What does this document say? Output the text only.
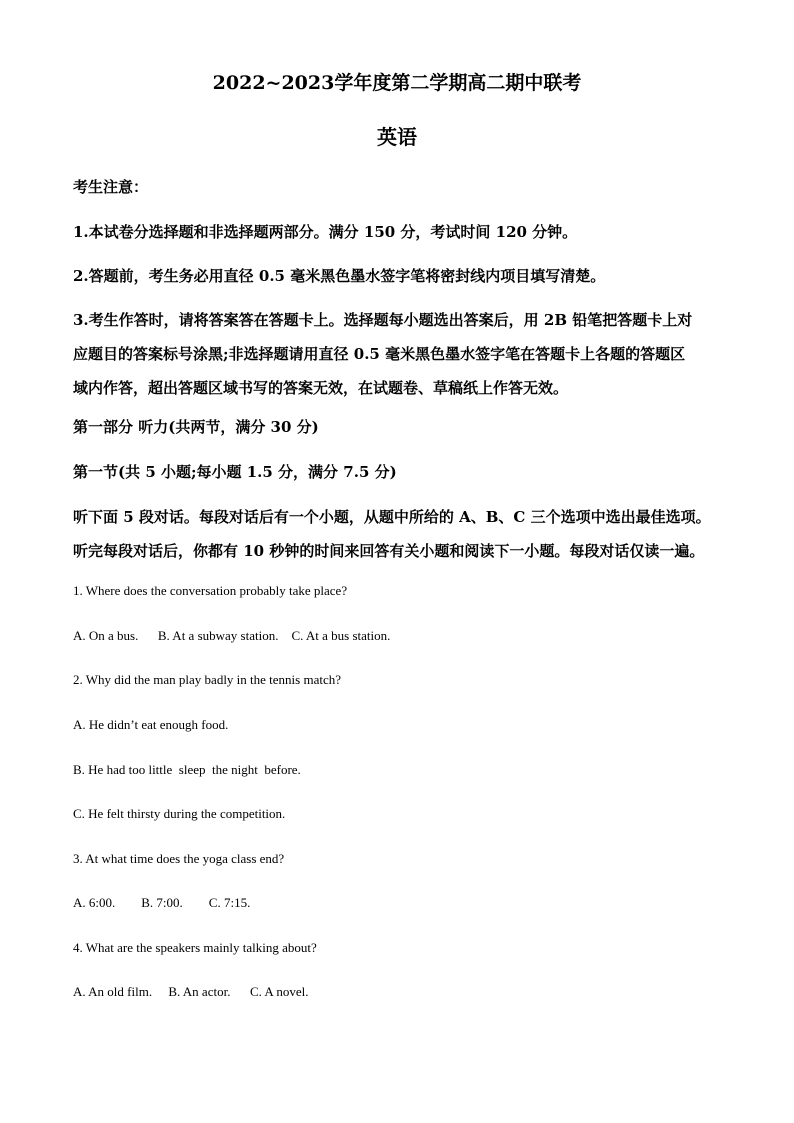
2022~2023学年度第二学期高二期中联考
英语

考生注意：

1.本试卷分选择题和非选择题两部分。满分 150 分，考试时间 120 分钟。

2.答题前，考生务必用直径 0.5 毫米黑色墨水签字笔将密封线内项目填写清楚。

3.考生作答时，请将答案答在答题卡上。选择题每小题选出答案后，用 2B 铅笔把答题卡上对
应题目的答案标号涂黑;非选择题请用直径 0.5 毫米黑色墨水签字笔在答题卡上各题的答题区
域内作答，超出答题区域书写的答案无效，在试题卷、草稿纸上作答无效。

第一部分 听力(共两节，满分 30 分)

第一节(共 5 小题;每小题 1.5 分，满分 7.5 分)

听下面 5 段对话。每段对话后有一个小题，从题中所给的 A、B、C 三个选项中选出最佳选项。
听完每段对话后，你都有 10 秒钟的时间来回答有关小题和阅读下一小题。每段对话仅读一遍。

1. Where does the conversation probably take place?

A. On a bus.      B. At a subway station.    C. At a bus station.

2. Why did the man play badly in the tennis match?

A. He didn’t eat enough food.

B. He had too little  sleep  the night  before.

C. He felt thirsty during the competition.

3. At what time does the yoga class end?

A. 6:00.        B. 7:00.        C. 7:15.

4. What are the speakers mainly talking about?

A. An old film.     B. An actor.      C. A novel.
